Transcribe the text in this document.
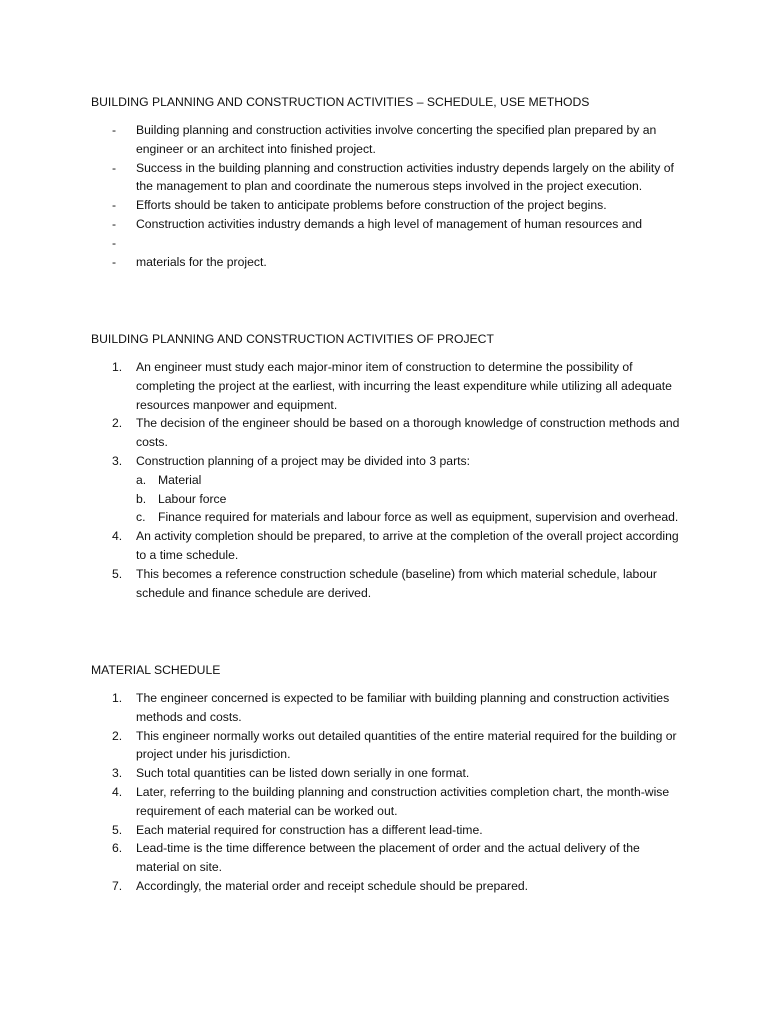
BUILDING PLANNING AND CONSTRUCTION ACTIVITIES – SCHEDULE, USE METHODS
- Building planning and construction activities involve concerting the specified plan prepared by an engineer or an architect into finished project.
- Success in the building planning and construction activities industry depends largely on the ability of the management to plan and coordinate the numerous steps involved in the project execution.
- Efforts should be taken to anticipate problems before construction of the project begins.
- Construction activities industry demands a high level of management of human resources and
-
- materials for the project.
BUILDING PLANNING AND CONSTRUCTION ACTIVITIES OF PROJECT
1. An engineer must study each major-minor item of construction to determine the possibility of completing the project at the earliest, with incurring the least expenditure while utilizing all adequate resources manpower and equipment.
2. The decision of the engineer should be based on a thorough knowledge of construction methods and costs.
3. Construction planning of a project may be divided into 3 parts:
a. Material
b. Labour force
c. Finance required for materials and labour force as well as equipment, supervision and overhead.
4. An activity completion should be prepared, to arrive at the completion of the overall project according to a time schedule.
5. This becomes a reference construction schedule (baseline) from which material schedule, labour schedule and finance schedule are derived.
MATERIAL SCHEDULE
1. The engineer concerned is expected to be familiar with building planning and construction activities methods and costs.
2. This engineer normally works out detailed quantities of the entire material required for the building or project under his jurisdiction.
3. Such total quantities can be listed down serially in one format.
4. Later, referring to the building planning and construction activities completion chart, the month-wise requirement of each material can be worked out.
5. Each material required for construction has a different lead-time.
6. Lead-time is the time difference between the placement of order and the actual delivery of the material on site.
7. Accordingly, the material order and receipt schedule should be prepared.
